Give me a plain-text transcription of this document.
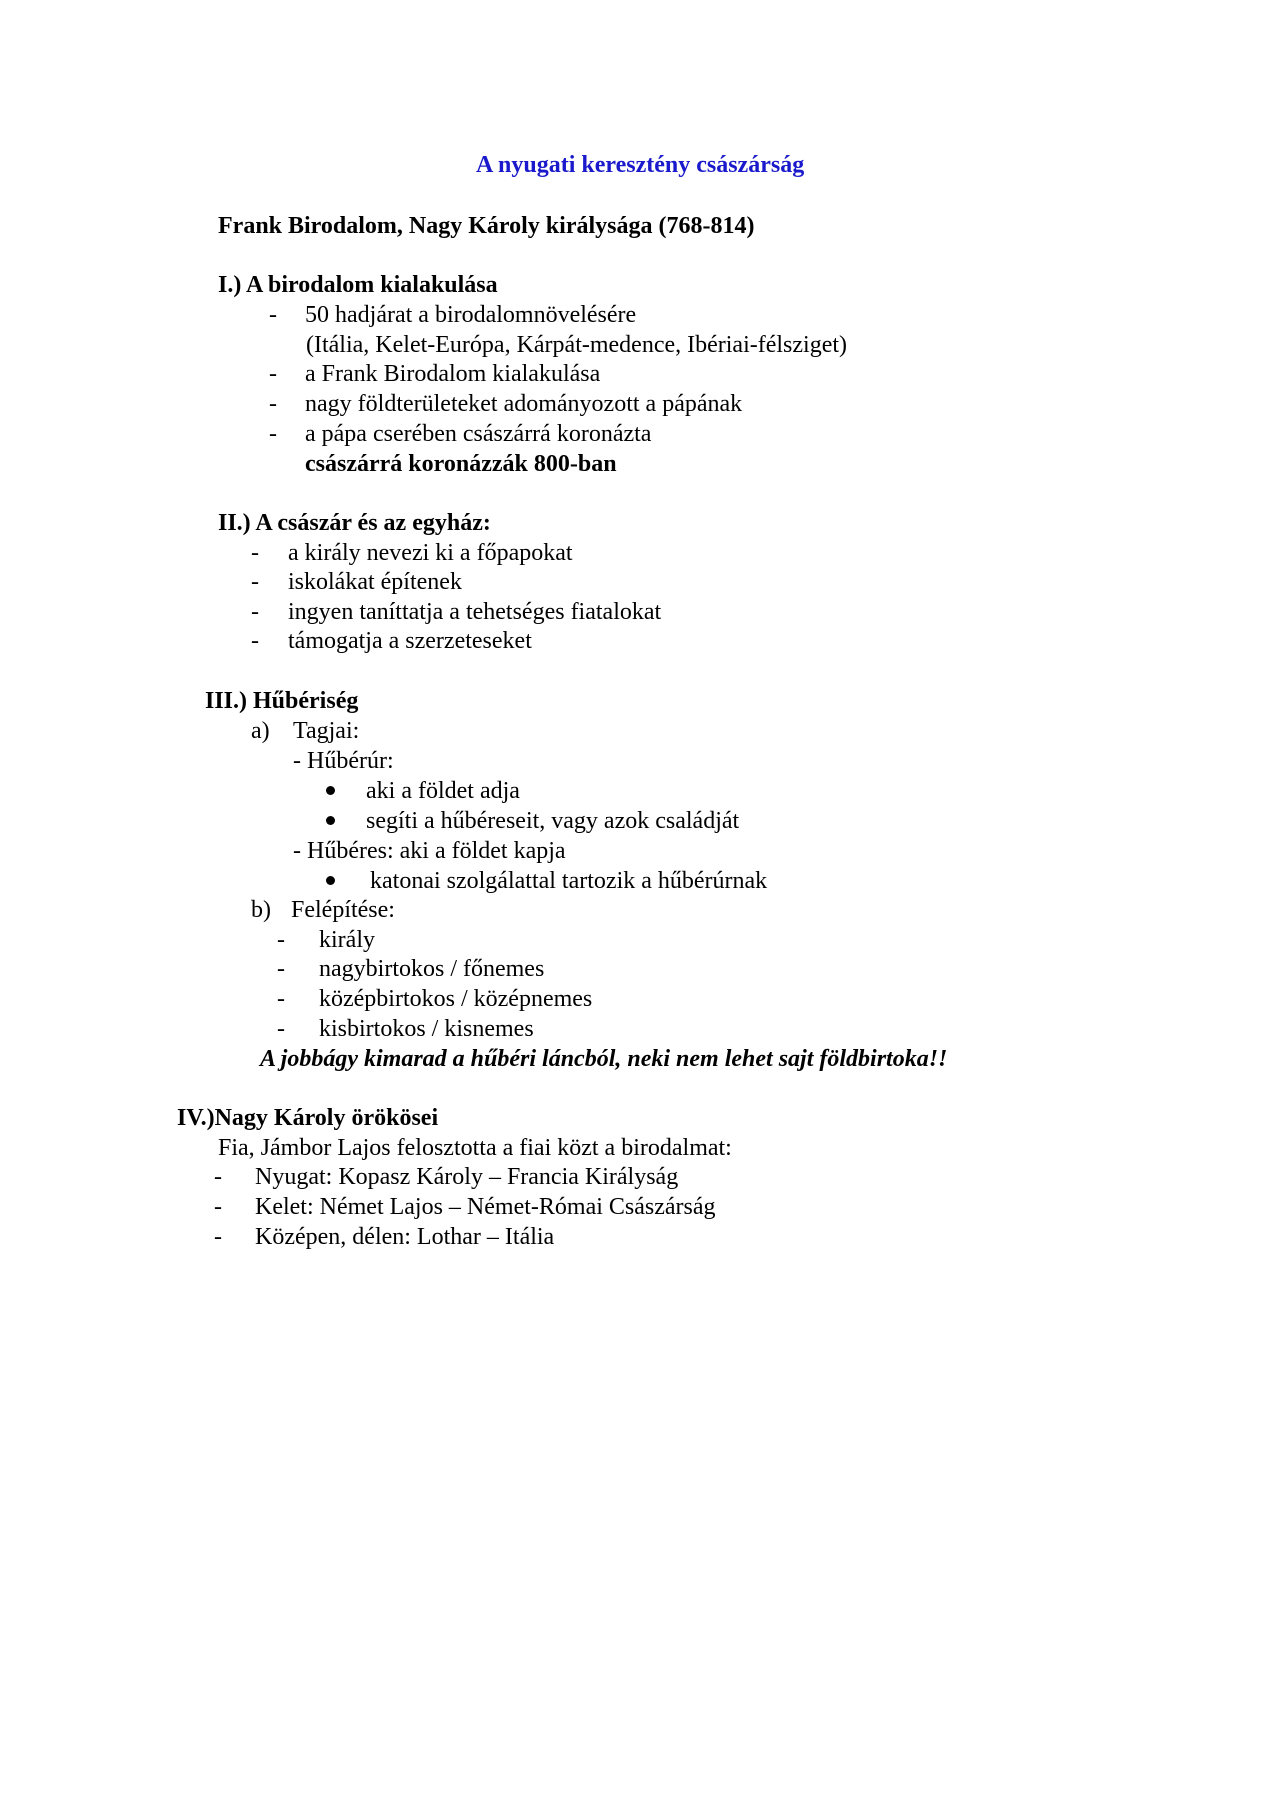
A nyugati keresztény császárság
Frank Birodalom, Nagy Károly királysága (768-814)
I.) A birodalom kialakulása
- 50 hadjárat a birodalomnövelésére
(Itália, Kelet-Európa, Kárpát-medence, Ibériai-félsziget)
- a Frank Birodalom kialakulása
- nagy földterületeket adományozott a pápának
- a pápa cserében császárrá koronázta
császárrá koronázzák 800-ban
II.) A császár és az egyház:
- a király nevezi ki a főpapokat
- iskolákat építenek
- ingyen taníttatja a tehetséges fiatalokat
- támogatja a szerzeteseket
III.) Hűbériség
a) Tagjai:
- Hűbérúr:
aki a földet adja
segíti a hűbéreseit, vagy azok családját
- Hűbéres: aki a földet kapja
katonai szolgálattal tartozik a hűbérúrnak
b) Felépítése:
- király
- nagybirtokos / főnemes
- középbirtokos / középnemes
- kisbirtokos / kisnemes
A jobbágy kimarad a hűbéri láncból, neki nem lehet sajt földbirtoka!!
IV.)Nagy Károly örökösei
Fia, Jámbor Lajos felosztotta a fiai közt a birodalmat:
- Nyugat: Kopasz Károly – Francia Királyság
- Kelet: Német Lajos – Német-Római Császárság
- Középen, délen: Lothar – Itália
